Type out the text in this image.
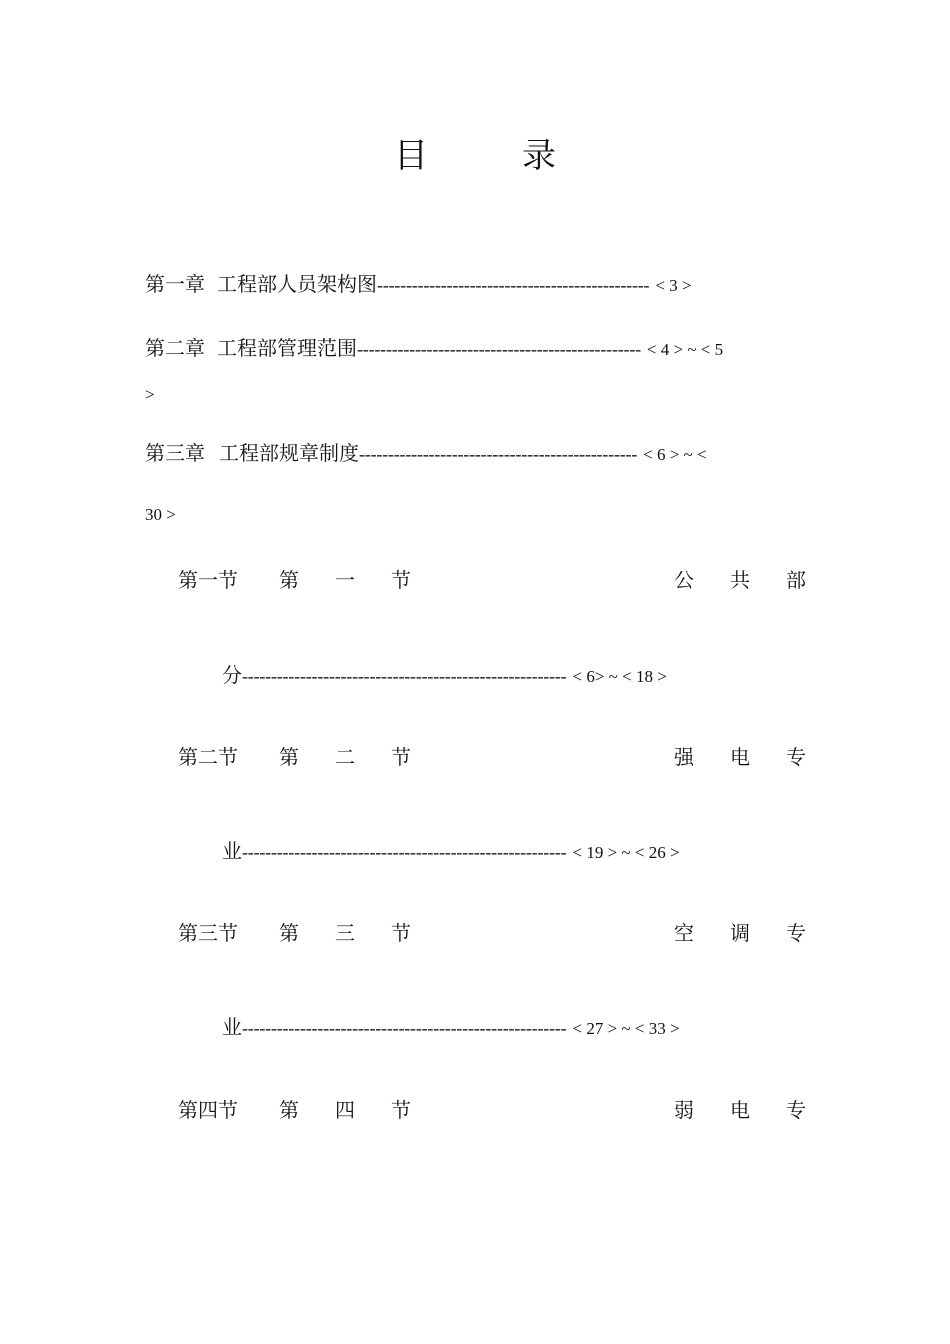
目　录
第一章 工程部人员架构图----------------------------------------------- < 3 >
第二章 工程部管理范围------------------------------------------------- < 4 > ~ < 5
>
第三章 工程部规章制度------------------------------------------------ < 6 > ~ <
30 >
第一节 第 一 节	公 共 部
分-------------------------------------------------------- < 6> ~ < 18 >
第二节 第 二 节	强 电 专
业-------------------------------------------------------- < 19 > ~ < 26 >
第三节 第 三 节	空 调 专
业-------------------------------------------------------- < 27 > ~ < 33 >
第四节 第 四 节	弱 电 专
